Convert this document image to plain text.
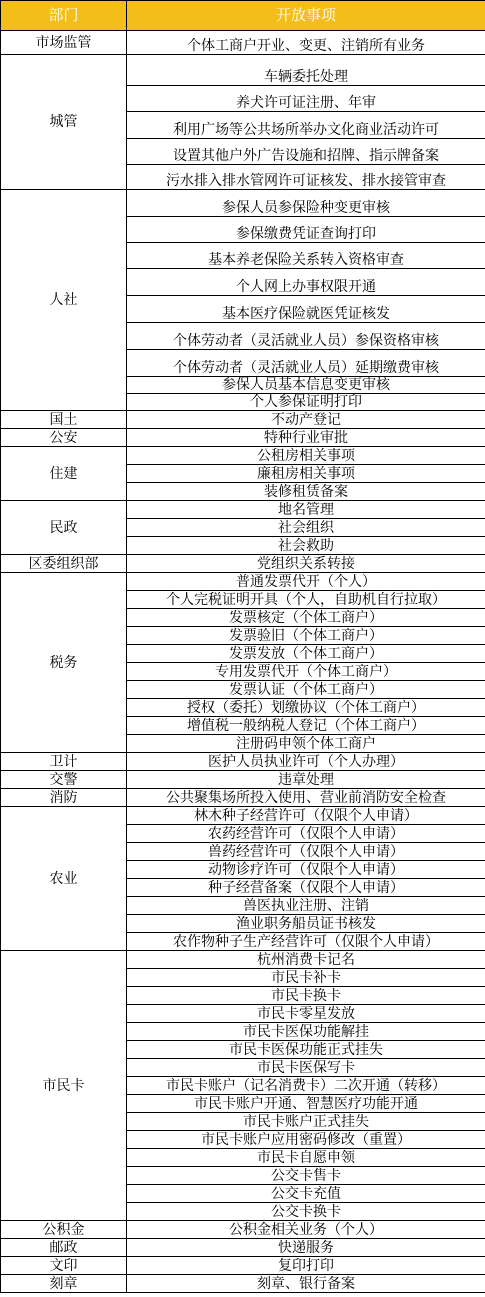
部门	开放事项
市场监管	个体工商户开业、变更、注销所有业务
城管	车辆委托处理
	养犬许可证注册、年审
	利用广场等公共场所举办文化商业活动许可
	设置其他户外广告设施和招牌、指示牌备案
	污水排入排水管网许可证核发、排水接管审查
人社	参保人员参保险种变更审核
	参保缴费凭证查询打印
	基本养老保险关系转入资格审查
	个人网上办事权限开通
	基本医疗保险就医凭证核发
	个体劳动者（灵活就业人员）参保资格审核
	个体劳动者（灵活就业人员）延期缴费审核
	参保人员基本信息变更审核
	个人参保证明打印
国土	不动产登记
公安	特种行业审批
住建	公租房相关事项
	廉租房相关事项
	装修租赁备案
民政	地名管理
	社会组织
	社会救助
区委组织部	党组织关系转接
税务	普通发票代开（个人）
	个人完税证明开具（个人，自助机自行拉取）
	发票核定（个体工商户）
	发票验旧（个体工商户）
	发票发放（个体工商户）
	专用发票代开（个体工商户）
	发票认证（个体工商户）
	授权（委托）划缴协议（个体工商户）
	增值税一般纳税人登记（个体工商户）
	注册码申领个体工商户
卫计	医护人员执业许可（个人办理）
交警	违章处理
消防	公共聚集场所投入使用、营业前消防安全检查
农业	林木种子经营许可（仅限个人申请）
	农药经营许可（仅限个人申请）
	兽药经营许可（仅限个人申请）
	动物诊疗许可（仅限个人申请）
	种子经营备案（仅限个人申请）
	兽医执业注册、注销
	渔业职务船员证书核发
	农作物种子生产经营许可（仅限个人申请）
市民卡	杭州消费卡记名
	市民卡补卡
	市民卡换卡
	市民卡零星发放
	市民卡医保功能解挂
	市民卡医保功能正式挂失
	市民卡医保写卡
	市民卡账户（记名消费卡）二次开通（转移）
	市民卡账户开通、智慧医疗功能开通
	市民卡账户正式挂失
	市民卡账户应用密码修改（重置）
	市民卡自愿申领
	公交卡售卡
	公交卡充值
	公交卡换卡
公积金	公积金相关业务（个人）
邮政	快递服务
文印	复印打印
刻章	刻章、银行备案
